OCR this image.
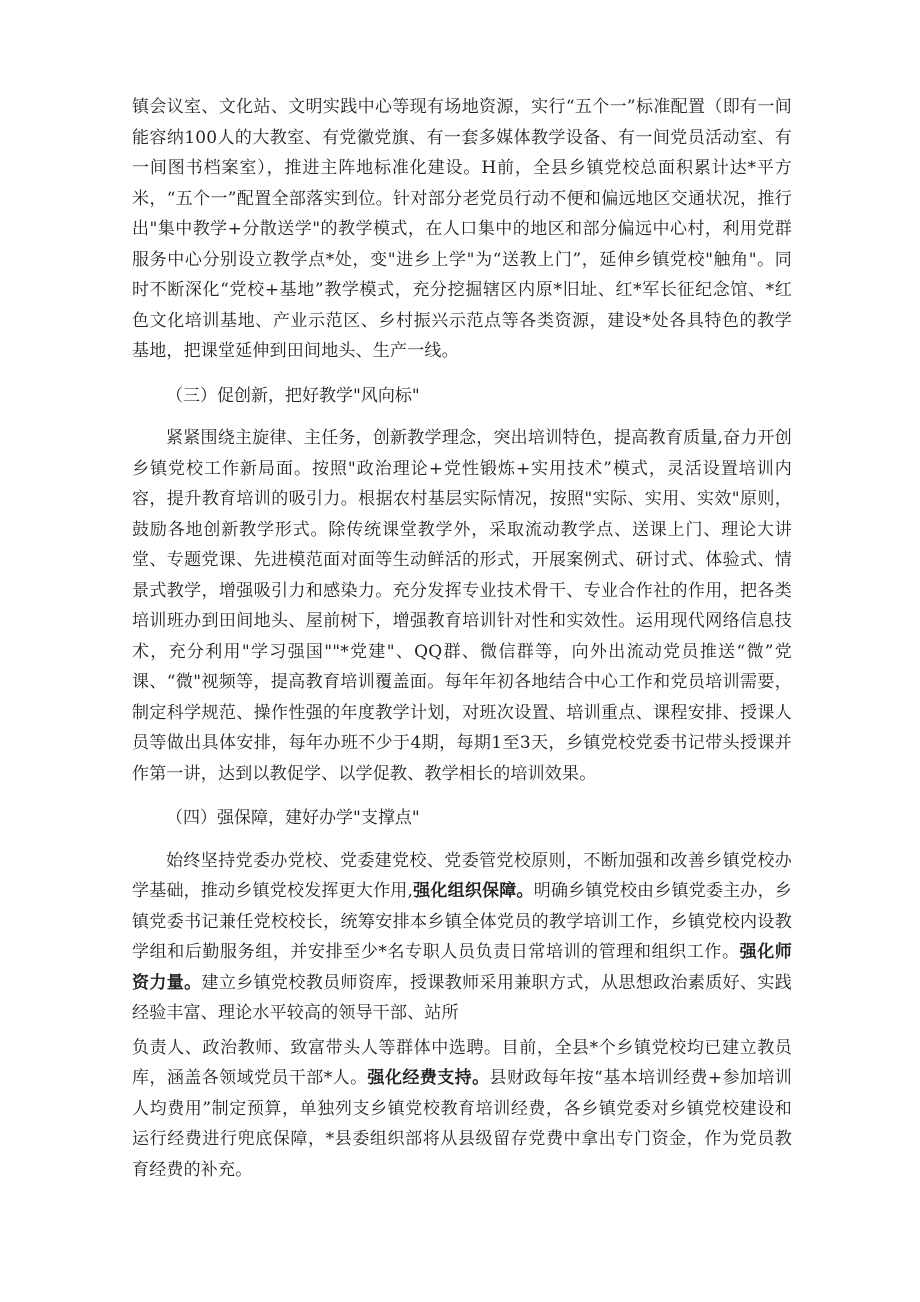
镇会议室、文化站、文明实践中心等现有场地资源，实行“五个一”标准配置（即有一间能容纳100人的大教室、有党徽党旗、有一套多媒体教学设备、有一间党员活动室、有一间图书档案室），推进主阵地标准化建设。H前，全县乡镇党校总面积累计达*平方米，“五个一”配置全部落实到位。针对部分老党员行动不便和偏远地区交通状况，推行出"集中教学+分散送学"的教学模式，在人口集中的地区和部分偏远中心村，利用党群服务中心分别设立教学点*处，变"进乡上学"为“送教上门”，延伸乡镇党校"触角"。同时不断深化“党校+基地”教学模式，充分挖掘辖区内原*旧址、红*军长征纪念馆、*红色文化培训基地、产业示范区、乡村振兴示范点等各类资源，建设*处各具特色的教学基地，把课堂延伸到田间地头、生产一线。

（三）促创新，把好教学"风向标"

紧紧围绕主旋律、主任务，创新教学理念，突出培训特色，提高教育质量,奋力开创乡镇党校工作新局面。按照"政治理论+党性锻炼+实用技术”模式，灵活设置培训内容，提升教育培训的吸引力。根据农村基层实际情况，按照"实际、实用、实效"原则，鼓励各地创新教学形式。除传统课堂教学外，采取流动教学点、送课上门、理论大讲堂、专题党课、先进模范面对面等生动鲜活的形式，开展案例式、研讨式、体验式、情景式教学，增强吸引力和感染力。充分发挥专业技术骨干、专业合作社的作用，把各类培训班办到田间地头、屋前树下，增强教育培训针对性和实效性。运用现代网络信息技术，充分利用"学习强国""*党建"、QQ群、微信群等，向外出流动党员推送“微”党课、“微"视频等，提高教育培训覆盖面。每年年初各地结合中心工作和党员培训需要，制定科学规范、操作性强的年度教学计划，对班次设置、培训重点、课程安排、授课人员等做出具体安排，每年办班不少于4期，每期1至3天，乡镇党校党委书记带头授课并作第一讲，达到以教促学、以学促教、教学相长的培训效果。

（四）强保障，建好办学"支撑点"

始终坚持党委办党校、党委建党校、党委管党校原则，不断加强和改善乡镇党校办学基础，推动乡镇党校发挥更大作用,强化组织保障。明确乡镇党校由乡镇党委主办，乡镇党委书记兼任党校校长，统筹安排本乡镇全体党员的教学培训工作，乡镇党校内设教学组和后勤服务组，并安排至少*名专职人员负责日常培训的管理和组织工作。强化师资力量。建立乡镇党校教员师资库，授课教师采用兼职方式，从思想政治素质好、实践经验丰富、理论水平较高的领导干部、站所

负责人、政治教师、致富带头人等群体中选聘。目前，全县*个乡镇党校均已建立教员库，涵盖各领域党员干部*人。强化经费支持。县财政每年按“基本培训经费+参加培训人均费用”制定预算，单独列支乡镇党校教育培训经费，各乡镇党委对乡镇党校建设和运行经费进行兜底保障，*县委组织部将从县级留存党费中拿出专门资金，作为党员教育经费的补充。
